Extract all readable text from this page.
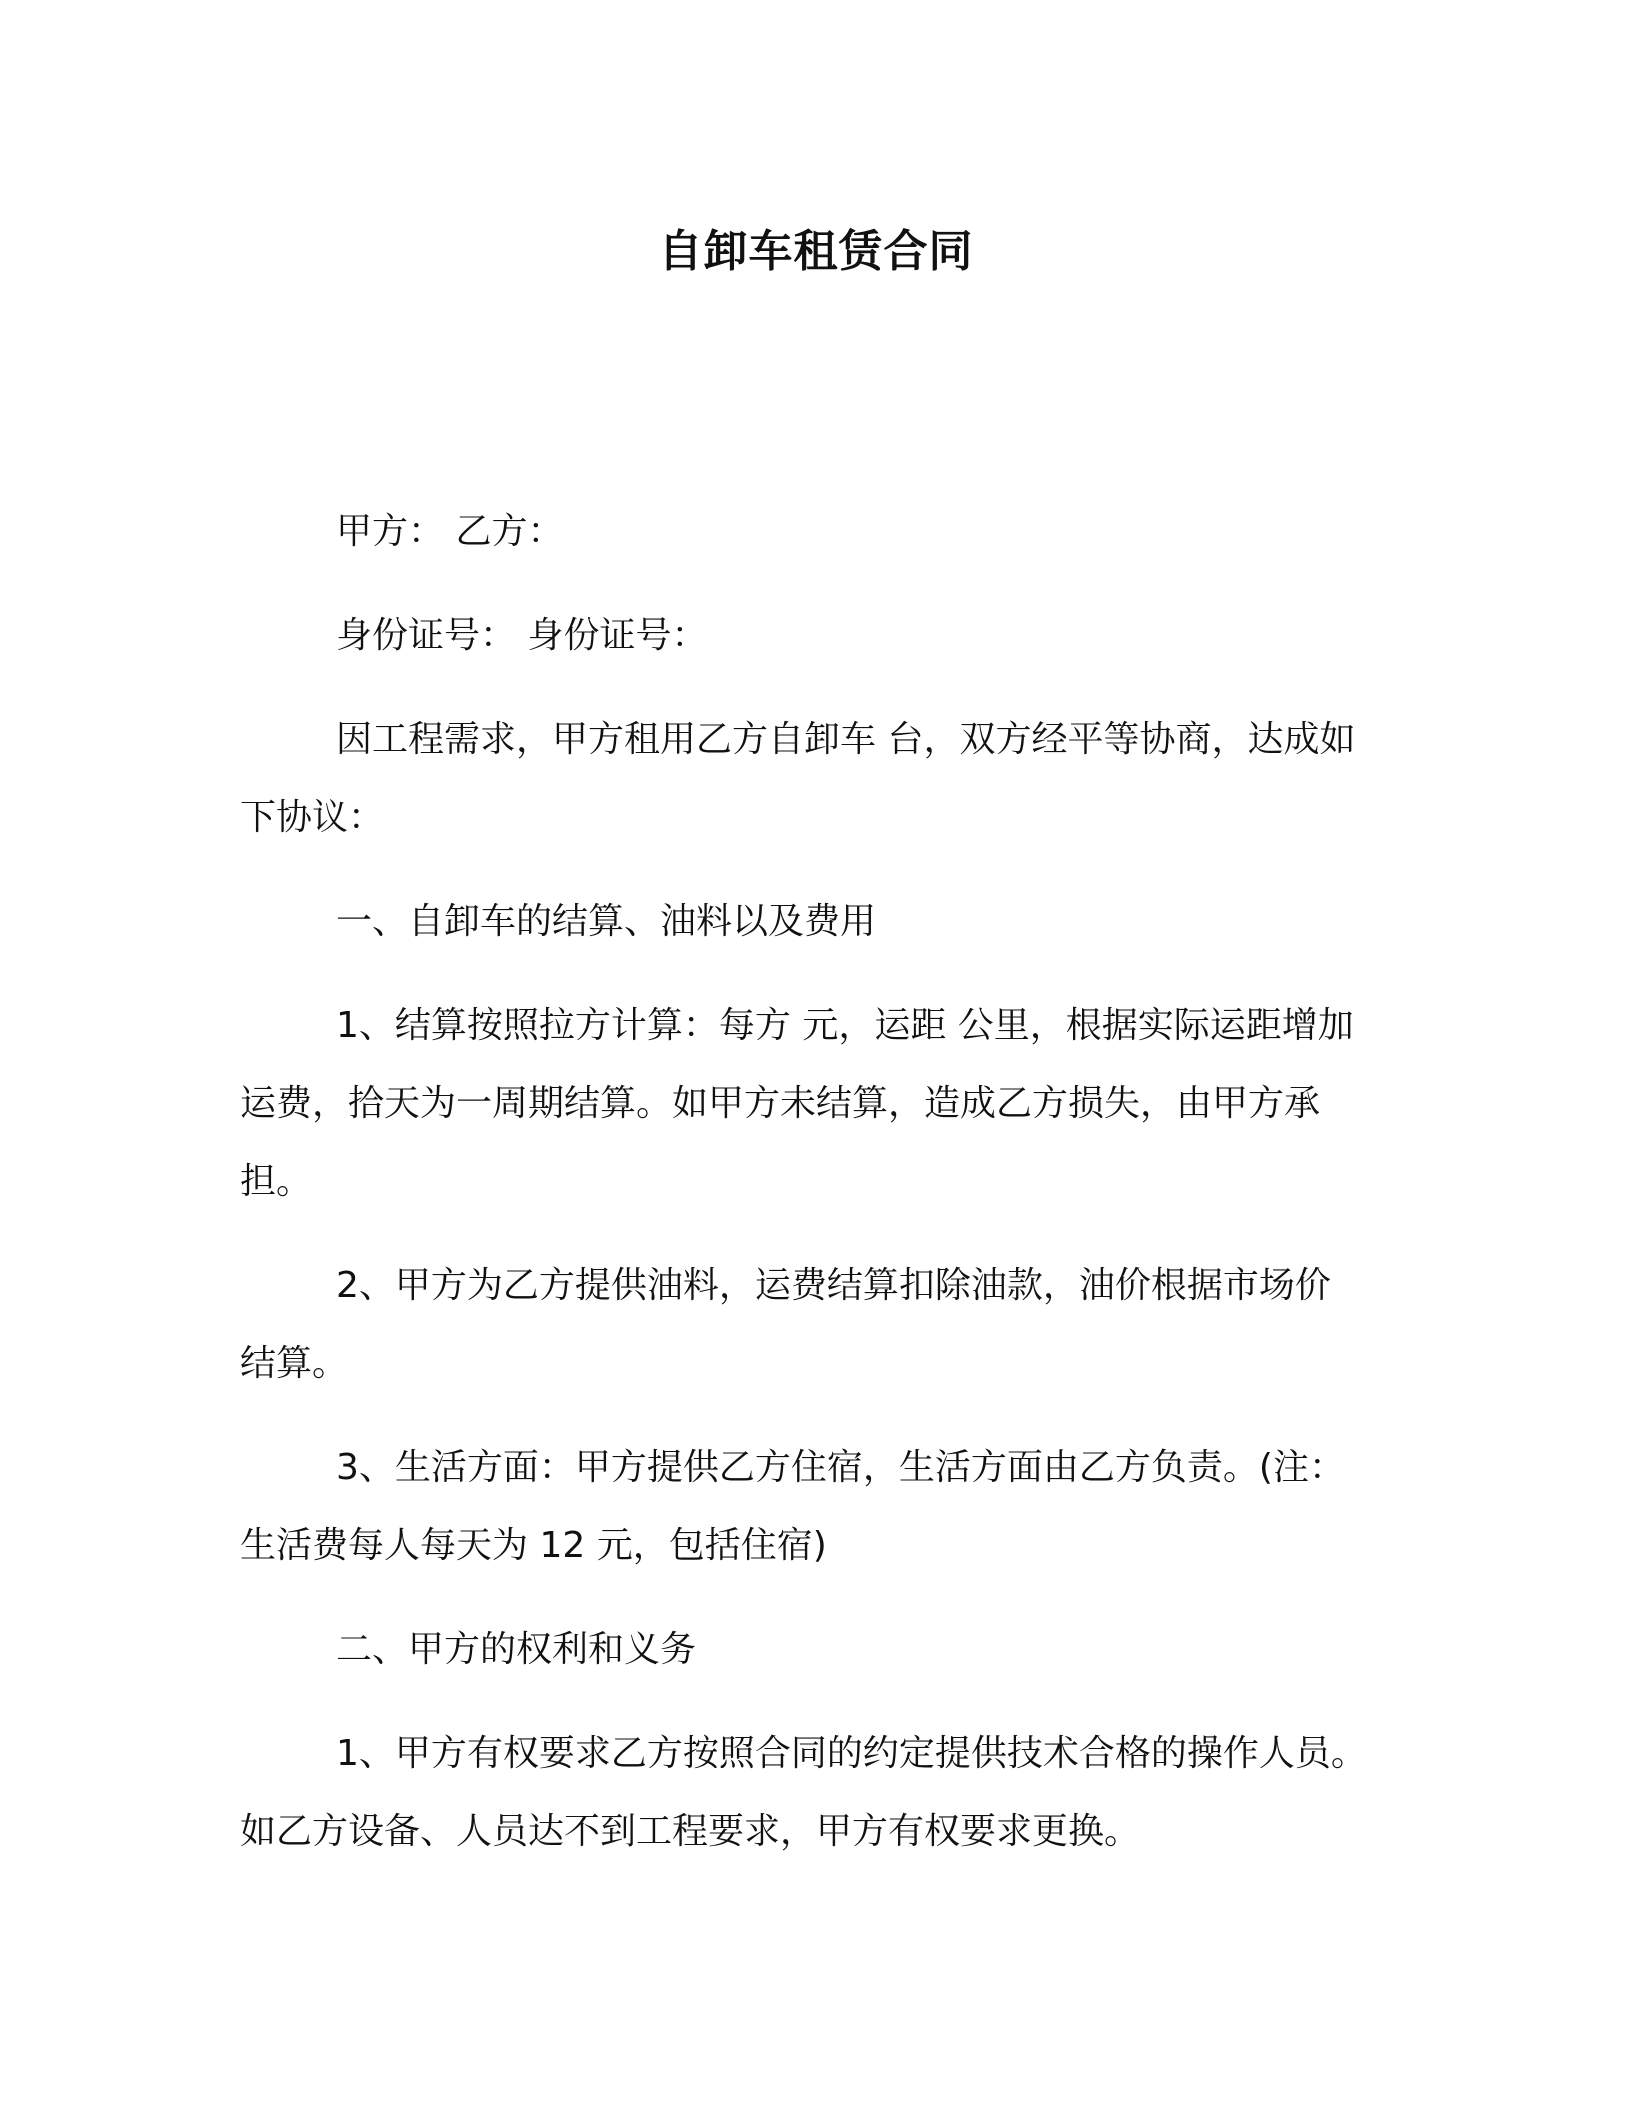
自卸车租赁合同
甲方： 乙方：
身份证号： 身份证号：
因工程需求，甲方租用乙方自卸车 台，双方经平等协商，达成如
下协议：
一、自卸车的结算、油料以及费用
1、结算按照拉方计算：每方 元，运距 公里，根据实际运距增加
运费，拾天为一周期结算。如甲方未结算，造成乙方损失，由甲方承
担。
2、甲方为乙方提供油料，运费结算扣除油款，油价根据市场价
结算。
3、生活方面：甲方提供乙方住宿，生活方面由乙方负责。(注：
生活费每人每天为 12 元，包括住宿)
二、甲方的权利和义务
1、甲方有权要求乙方按照合同的约定提供技术合格的操作人员。
如乙方设备、人员达不到工程要求，甲方有权要求更换。
